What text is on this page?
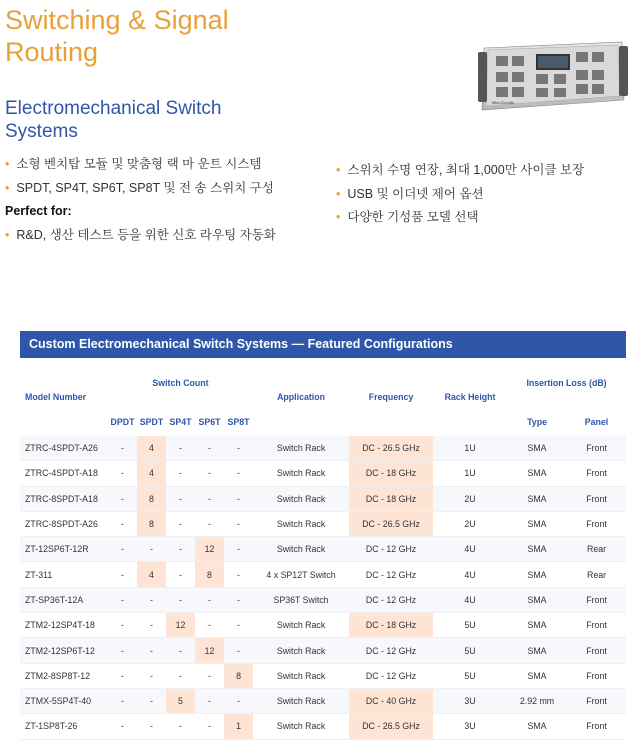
Switching & Signal
Routing
Electromechanical Switch
Systems
Mini-Circuits
• 소형 벤치탑 모듈 및 맞춤형 랙 마 운트 시스템
• SPDT, SP4T, SP6T, SP8T 및 전 송 스위치 구성
Perfect for:
• R&D, 생산 테스트 등을 위한 신호 라우팅 자동화
• 스위치 수명 연장, 최대 1,000만 사이클 보장
• USB 및 이더넷 제어 옵션
• 다양한 기성품 모델 선택
Custom Electromechanical Switch Systems — Featured Configurations
Model Number	Switch Count					Application	Frequency	Rack Height	Insertion Loss (dB)	
	DPDT	SPDT	SP4T	SP6T	SP8T				Type	Panel
ZTRC-4SPDT-A26	-	4	-	-	-	Switch Rack	DC - 26.5 GHz	1U	SMA	Front
ZTRC-4SPDT-A18	-	4	-	-	-	Switch Rack	DC - 18 GHz	1U	SMA	Front
ZTRC-8SPDT-A18	-	8	-	-	-	Switch Rack	DC - 18 GHz	2U	SMA	Front
ZTRC-8SPDT-A26	-	8	-	-	-	Switch Rack	DC - 26.5 GHz	2U	SMA	Front
ZT-12SP6T-12R	-	-	-	12	-	Switch Rack	DC - 12 GHz	4U	SMA	Rear
ZT-311	-	4	-	8	-	4 x SP12T Switch	DC - 12 GHz	4U	SMA	Rear
ZT-SP36T-12A	-	-	-	-	-	SP36T Switch	DC - 12 GHz	4U	SMA	Front
ZTM2-12SP4T-18	-	-	12	-	-	Switch Rack	DC - 18 GHz	5U	SMA	Front
ZTM2-12SP6T-12	-	-	-	12	-	Switch Rack	DC - 12 GHz	5U	SMA	Front
ZTM2-8SP8T-12	-	-	-	-	8	Switch Rack	DC - 12 GHz	5U	SMA	Front
ZTMX-5SP4T-40	-	-	5	-	-	Switch Rack	DC - 40 GHz	3U	2.92 mm	Front
ZT-1SP8T-26	-	-	-	-	1	Switch Rack	DC - 26.5 GHz	3U	SMA	Front
